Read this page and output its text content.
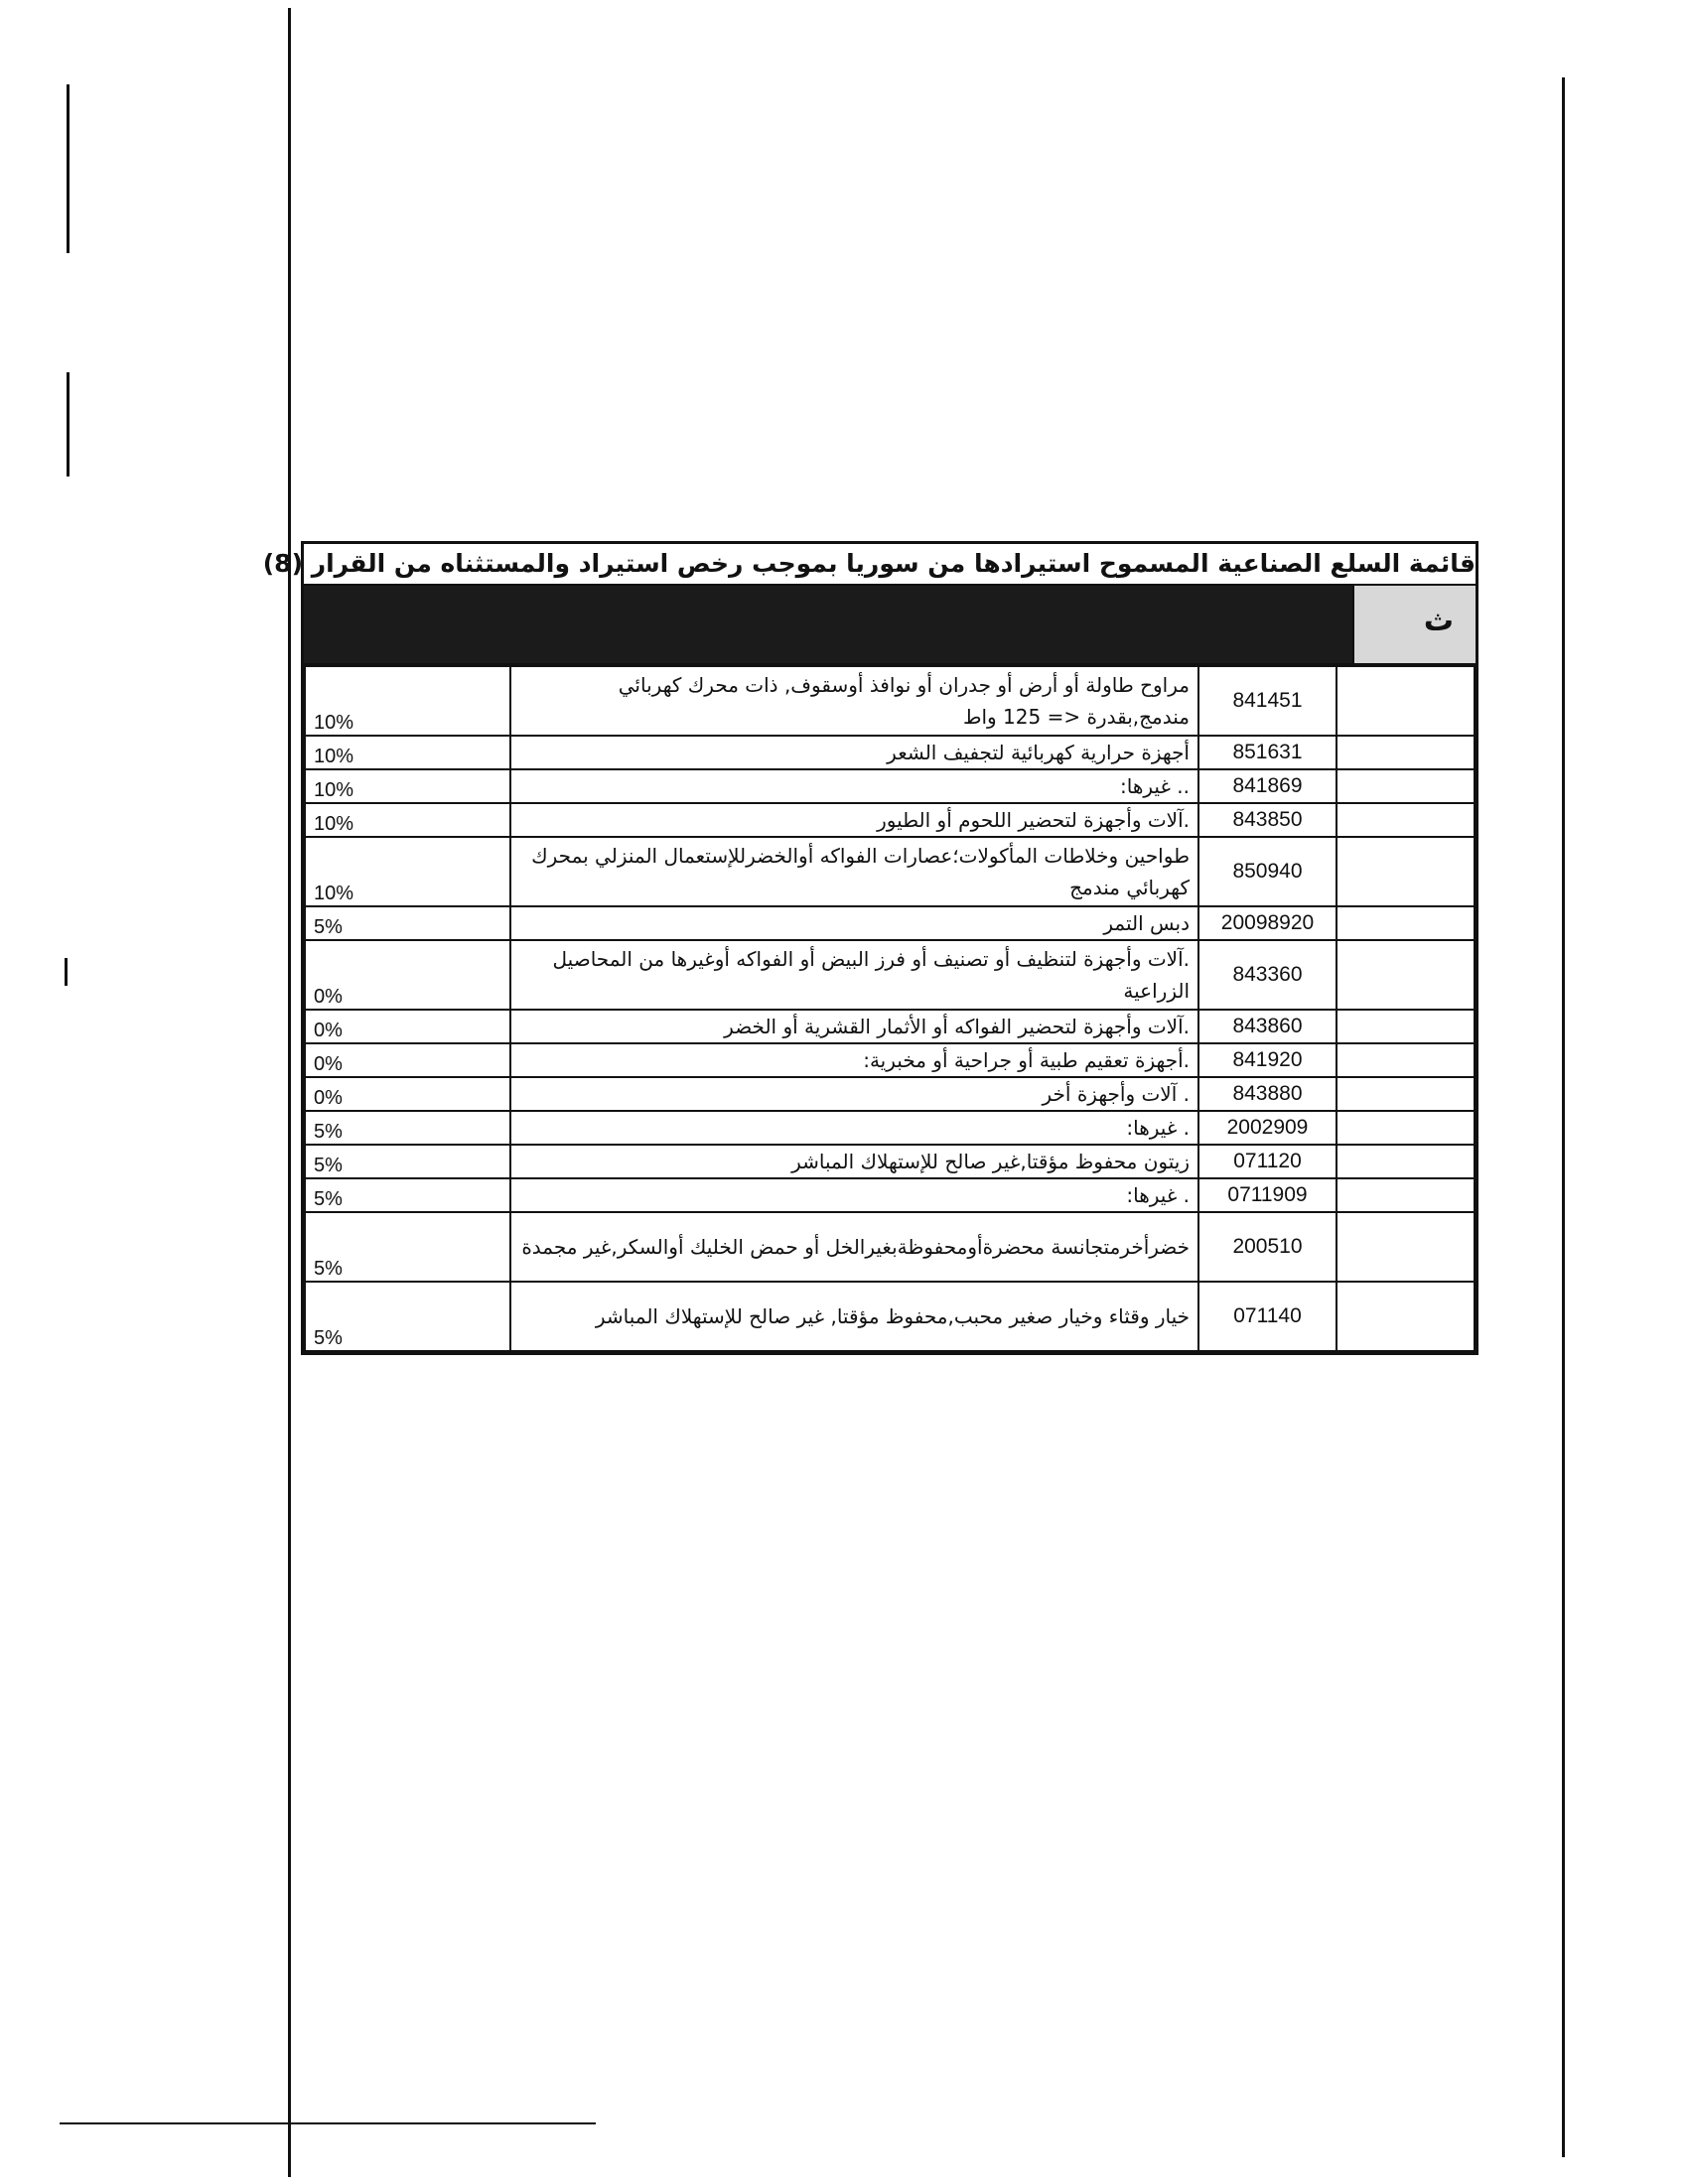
قائمة السلع الصناعية المسموح استيرادها من سوريا بموجب رخص استيراد والمستثناه من القرار (8)
ث
	841451	مراوح طاولة أو أرض أو جدران أو نوافذ أوسقوف, ذات محرك كهربائي مندمج,بقدرة <= 125 واط	10%
	851631	أجهزة حرارية كهربائية لتجفيف الشعر	10%
	841869	.. غيرها:	10%
	843850	.آلات وأجهزة لتحضير اللحوم أو الطيور	10%
	850940	طواحين وخلاطات المأكولات؛عصارات الفواكه أوالخضرللإستعمال المنزلي بمحرك كهربائي مندمج	10%
	20098920	دبس التمر	5%
	843360	.آلات وأجهزة لتنظيف أو تصنيف أو فرز البيض أو الفواكه أوغيرها من المحاصيل الزراعية	0%
	843860	.آلات وأجهزة لتحضير الفواكه أو الأثمار القشرية أو الخضر	0%
	841920	.أجهزة تعقيم طبية أو جراحية أو مخبرية:	0%
	843880	. آلات وأجهزة أخر	0%
	2002909	. غيرها:	5%
	071120	زيتون محفوظ مؤقتا,غير صالح للإستهلاك المباشر	5%
	0711909	. غيرها:	5%
	200510	خضرأخرمتجانسة محضرةأومحفوظةبغيرالخل أو حمض الخليك أوالسكر,غير مجمدة	5%
	071140	خيار وقثاء وخيار صغير محبب,محفوظ مؤقتا, غير صالح للإستهلاك المباشر	5%
